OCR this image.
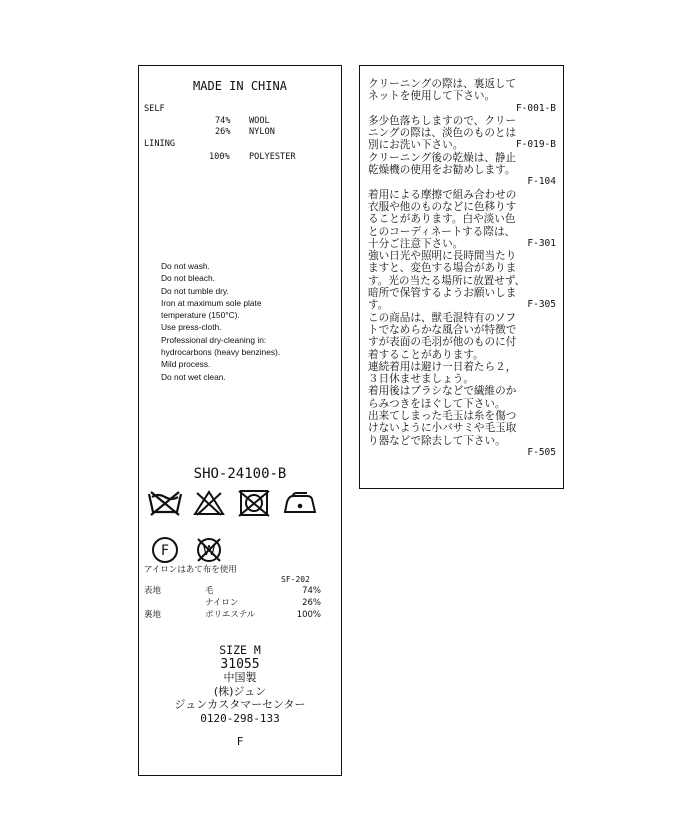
MADE IN CHINA
SELF
74% WOOL
26% NYLON
LINING
100% POLYESTER
Do not wash.
Do not bleach.
Do not tumble dry.
Iron at maximum sole plate
temperature (150°C).
Use press-cloth.
Professional dry-cleaning in:
hydrocarbons (heavy benzines).
Mild process.
Do not wet clean.
SHO-24100-B
F	W
アイロンはあて布を使用
SF-202
表地	毛	74%
ナイロン	26%
裏地	ポリエステル	100%
SIZE M
31055
中国製
(株)ジュン
ジュンカスタマーセンター
0120-298-133
F
クリーニングの際は、裏返して
ネットを使用して下さい。
F-001-B
多少色落ちしますので、クリー
ニングの際は、淡色のものとは
F-019-B
別にお洗い下さい。
クリーニング後の乾燥は、静止
乾燥機の使用をお勧めします。
F-104
着用による摩擦で組み合わせの
衣服や他のものなどに色移りす
ることがあります。白や淡い色
とのコーディネートする際は、
F-301
十分ご注意下さい。
強い日光や照明に長時間当たり
ますと、変色する場合がありま
す。光の当たる場所に放置せず、
暗所で保管するようお願いしま
F-305
す。
この商品は、獣毛混特有のソフ
トでなめらかな風合いが特徴で
すが表面の毛羽が他のものに付
着することがあります。
連続着用は避け一日着たら２，
３日休ませましょう。
着用後はブラシなどで繊維のか
らみつきをほぐして下さい。
出来てしまった毛玉は糸を傷つ
けないように小バサミや毛玉取
り器などで除去して下さい。
F-505
